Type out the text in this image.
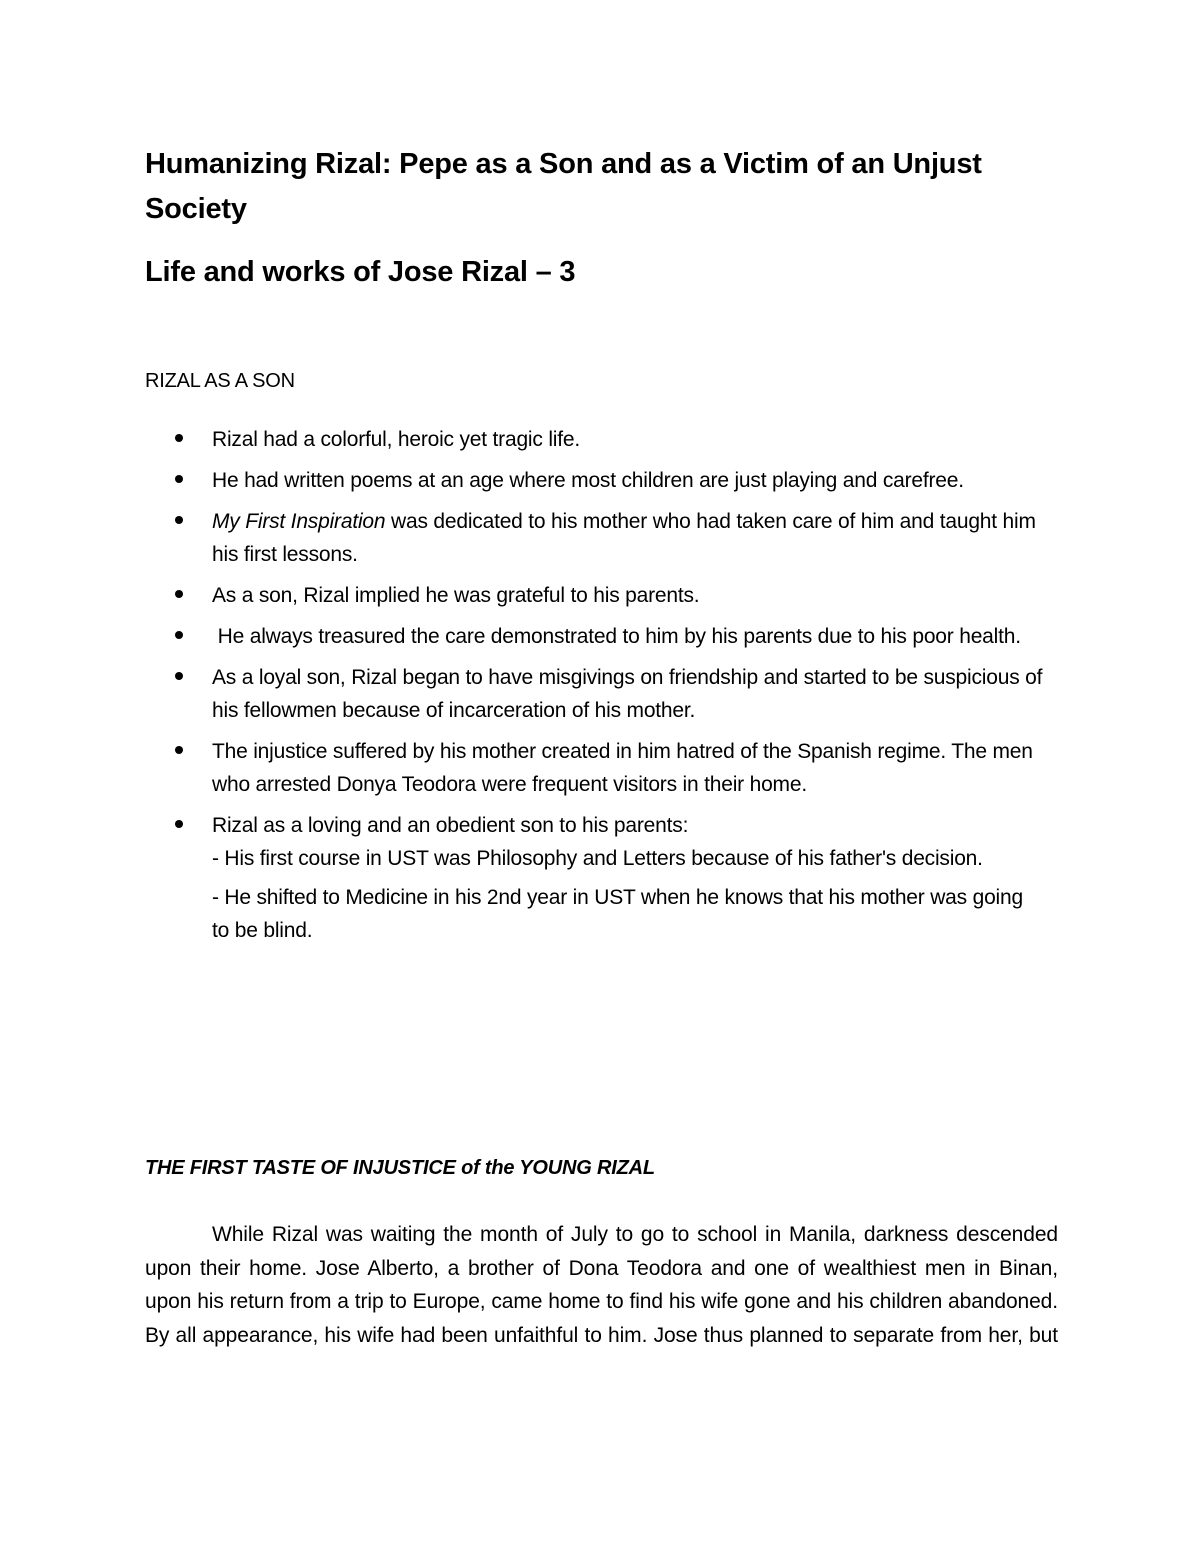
Humanizing Rizal: Pepe as a Son and as a Victim of an Unjust Society
Life and works of Jose Rizal – 3
RIZAL AS A SON
Rizal had a colorful, heroic yet tragic life.
He had written poems at an age where most children are just playing and carefree.
My First Inspiration was dedicated to his mother who had taken care of him and taught him his first lessons.
As a son, Rizal implied he was grateful to his parents.
He always treasured the care demonstrated to him by his parents due to his poor health.
As a loyal son, Rizal began to have misgivings on friendship and started to be suspicious of his fellowmen because of incarceration of his mother.
The injustice suffered by his mother created in him hatred of the Spanish regime. The men who arrested Donya Teodora were frequent visitors in their home.
Rizal as a loving and an obedient son to his parents:
- His first course in UST was Philosophy and Letters because of his father's decision.
- He shifted to Medicine in his 2nd year in UST when he knows that his mother was going to be blind.
THE FIRST TASTE OF INJUSTICE of the YOUNG RIZAL

While Rizal was waiting the month of July to go to school in Manila, darkness descended upon their home. Jose Alberto, a brother of Dona Teodora and one of wealthiest men in Binan, upon his return from a trip to Europe, came home to find his wife gone and his children abandoned. By all appearance, his wife had been unfaithful to him. Jose thus planned to separate from her, but
